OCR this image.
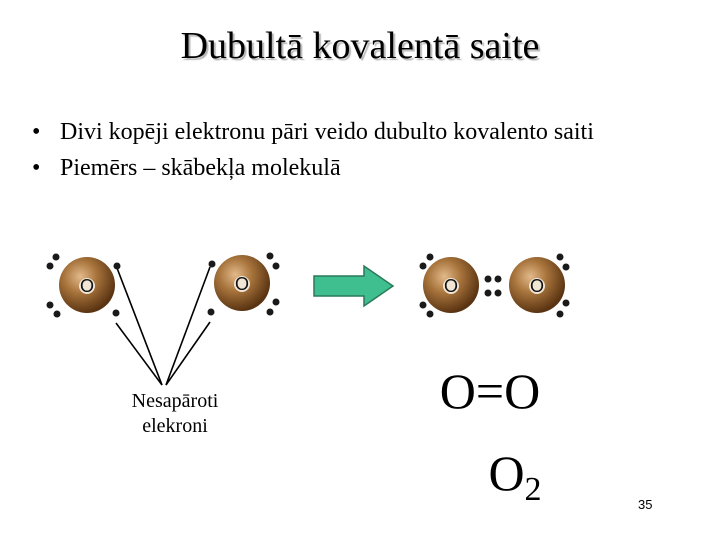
Dubultā kovalentā saite
• Divi kopēji elektronu pāri veido dubulto kovalento saiti
• Piemērs – skābekļa molekulā
O	O	O	O
Nesapāroti
elekroni
O=O
$O_2$	35
